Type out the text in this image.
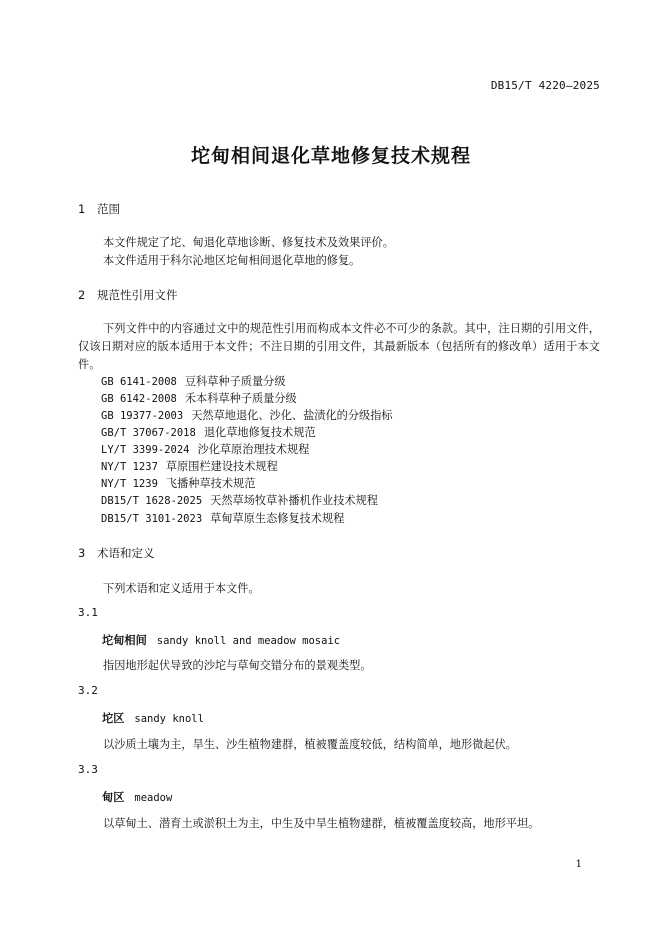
DB15/T 4220—2025
坨甸相间退化草地修复技术规程
1 范围
本文件规定了坨、甸退化草地诊断、修复技术及效果评价。
本文件适用于科尔沁地区坨甸相间退化草地的修复。
2 规范性引用文件
下列文件中的内容通过文中的规范性引用而构成本文件必不可少的条款。其中，注日期的引用文件，仅该日期对应的版本适用于本文件；不注日期的引用文件，其最新版本（包括所有的修改单）适用于本文件。
GB 6141-2008 豆科草种子质量分级
GB 6142-2008 禾本科草种子质量分级
GB 19377-2003 天然草地退化、沙化、盐渍化的分级指标
GB/T 37067-2018 退化草地修复技术规范
LY/T 3399-2024 沙化草原治理技术规程
NY/T 1237 草原围栏建设技术规程
NY/T 1239 飞播种草技术规范
DB15/T 1628-2025 天然草场牧草补播机作业技术规程
DB15/T 3101-2023 草甸草原生态修复技术规程
3 术语和定义
下列术语和定义适用于本文件。
3.1
坨甸相间 sandy knoll and meadow mosaic
指因地形起伏导致的沙坨与草甸交错分布的景观类型。
3.2
坨区 sandy knoll
以沙质土壤为主，旱生、沙生植物建群，植被覆盖度较低，结构简单，地形微起伏。
3.3
甸区 meadow
以草甸土、潜育土或淤积土为主，中生及中旱生植物建群，植被覆盖度较高，地形平坦。
1
